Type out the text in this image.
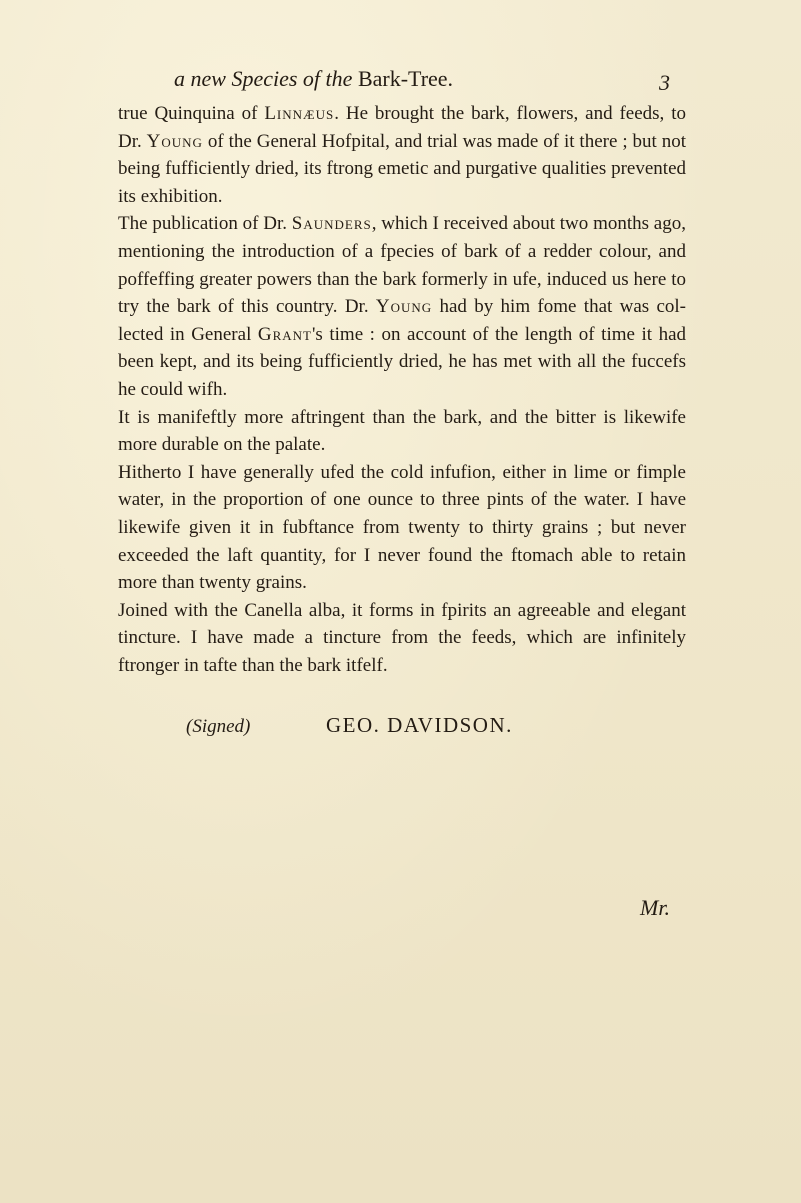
a new Species of the Bark-Tree.	3

true Quinquina of Linnæus. He brought the bark, flowers, and feeds, to Dr. Young of the General Hofpital, and trial was made of it there ; but not being fufficiently dried, its ftrong emetic and purgative qualities prevented its exhibition.

The publication of Dr. Saunders, which I received about two months ago, mentioning the introduction of a fpecies of bark of a redder colour, and poffeffing greater powers than the bark formerly in ufe, induced us here to try the bark of this country. Dr. Young had by him fome that was col-lected in General Grant's time : on account of the length of time it had been kept, and its being fufficiently dried, he has met with all the fuccefs he could wifh.

It is manifeftly more aftringent than the bark, and the bitter is likewife more durable on the palate.

Hitherto I have generally ufed the cold infufion, either in lime or fimple water, in the proportion of one ounce to three pints of the water. I have likewife given it in fubftance from twenty to thirty grains ; but never exceeded the laft quantity, for I never found the ftomach able to retain more than twenty grains.

Joined with the Canella alba, it forms in fpirits an agreeable and elegant tincture. I have made a tincture from the feeds, which are infinitely ftronger in tafte than the bark itfelf.

(Signed)	GEO. DAVIDSON.
Mr.
